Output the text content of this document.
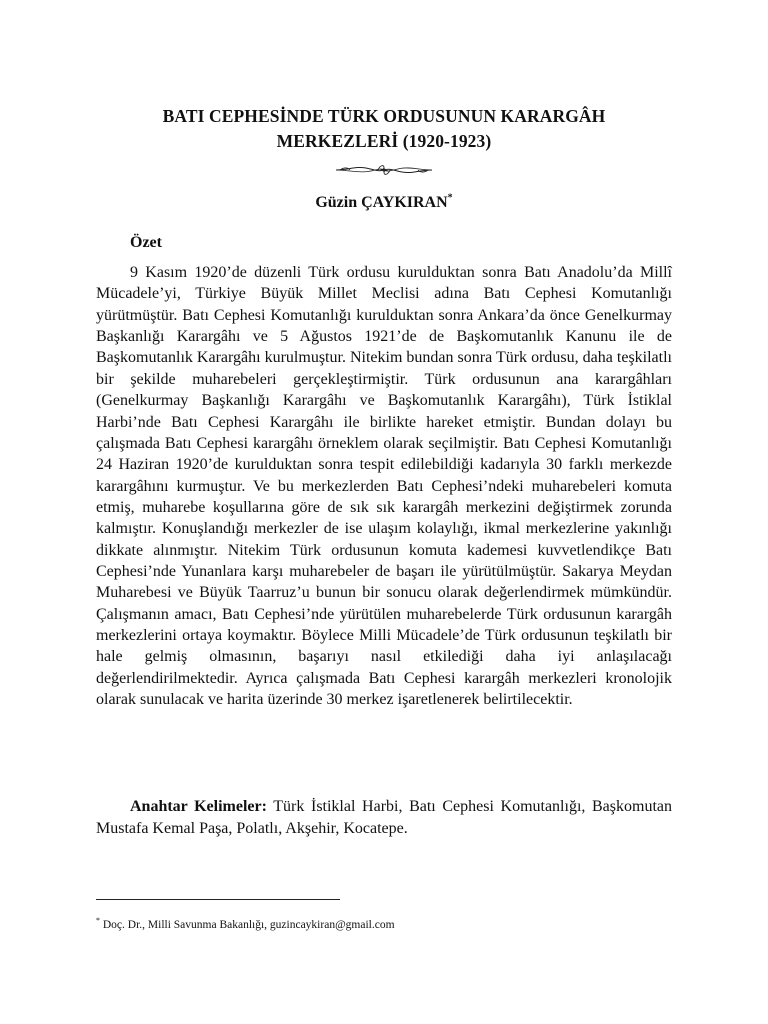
BATI CEPHESİNDE TÜRK ORDUSUNUN KARARGÂH
MERKEZLERİ (1920-1923)
Güzin ÇAYKIRAN*
Özet

9 Kasım 1920’de düzenli Türk ordusu kurulduktan sonra Batı Anadolu’da Millî Mücadele’yi, Türkiye Büyük Millet Meclisi adına Batı Cephesi Komutanlığı yürütmüştür. Batı Cephesi Komutanlığı kurulduktan sonra Ankara’da önce Genelkurmay Başkanlığı Karargâhı ve 5 Ağustos 1921’de de Başkomutanlık Kanunu ile de Başkomutanlık Karargâhı kurulmuştur. Nitekim bundan sonra Türk ordusu, daha teşkilatlı bir şekilde muharebeleri gerçekleştirmiştir. Türk ordusunun ana karargâhları (Genelkurmay Başkanlığı Karargâhı ve Başkomutanlık Karargâhı), Türk İstiklal Harbi’nde Batı Cephesi Karargâhı ile birlikte hareket etmiştir. Bundan dolayı bu çalışmada Batı Cephesi karargâhı örneklem olarak seçilmiştir. Batı Cephesi Komutanlığı 24 Haziran 1920’de kurulduktan sonra tespit edilebildiği kadarıyla 30 farklı merkezde karargâhını kurmuştur. Ve bu merkezlerden Batı Cephesi’ndeki muharebeleri komuta etmiş, muharebe koşullarına göre de sık sık karargâh merkezini değiştirmek zorunda kalmıştır. Konuşlandığı merkezler de ise ulaşım kolaylığı, ikmal merkezlerine yakınlığı dikkate alınmıştır. Nitekim Türk ordusunun komuta kademesi kuvvetlendikçe Batı Cephesi’nde Yunanlara karşı muharebeler de başarı ile yürütülmüştür. Sakarya Meydan Muharebesi ve Büyük Taarruz’u bunun bir sonucu olarak değerlendirmek mümkündür. Çalışmanın amacı, Batı Cephesi’nde yürütülen muharebelerde Türk ordusunun karargâh merkezlerini ortaya koymaktır. Böylece Milli Mücadele’de Türk ordusunun teşkilatlı bir hale gelmiş olmasının, başarıyı nasıl etkilediği daha iyi anlaşılacağı değerlendirilmektedir. Ayrıca çalışmada Batı Cephesi karargâh merkezleri kronolojik olarak sunulacak ve harita üzerinde 30 merkez işaretlenerek belirtilecektir.

Anahtar Kelimeler: Türk İstiklal Harbi, Batı Cephesi Komutanlığı, Başkomutan Mustafa Kemal Paşa, Polatlı, Akşehir, Kocatepe.

* Doç. Dr., Milli Savunma Bakanlığı, guzincaykiran@gmail.com
